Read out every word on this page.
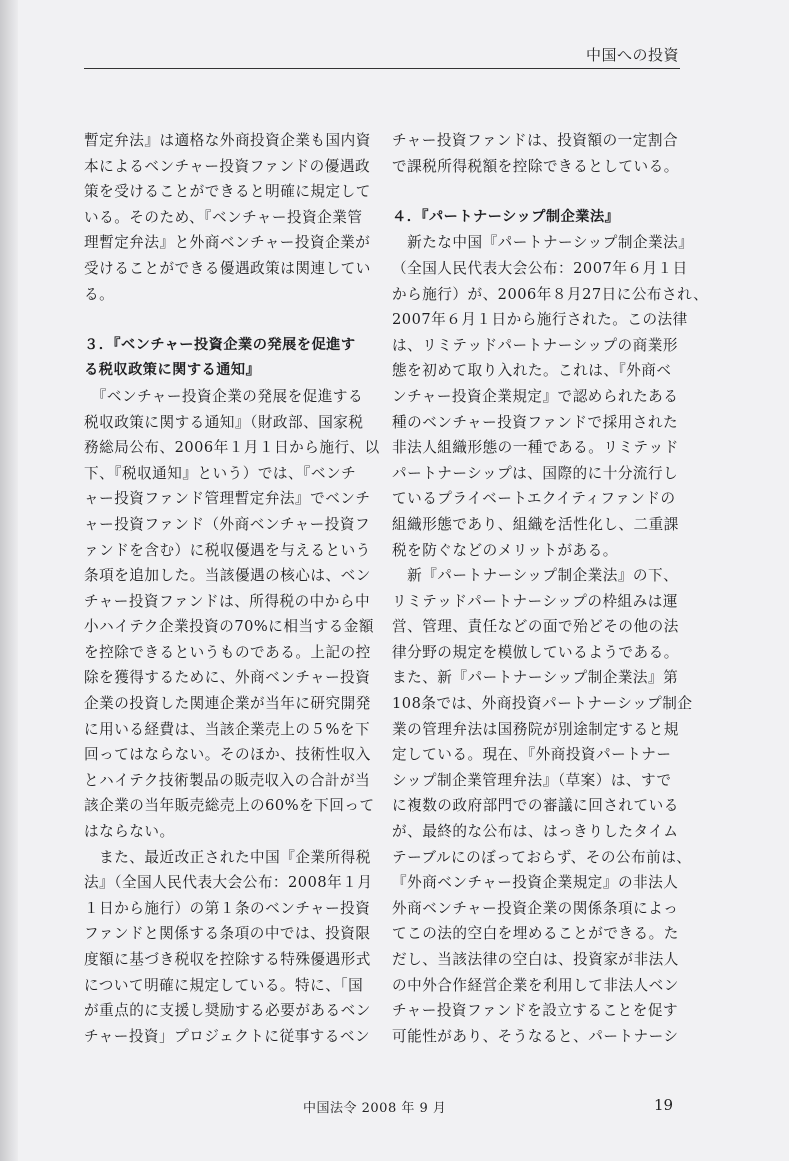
中国への投資
暫定弁法』は適格な外商投資企業も国内資
本によるベンチャー投資ファンドの優遇政
策を受けることができると明確に規定して
いる。そのため、『ベンチャー投資企業管
理暫定弁法』と外商ベンチャー投資企業が
受けることができる優遇政策は関連してい
る。
３．『ベンチャー投資企業の発展を促進す
る税収政策に関する通知』
　『ベンチャー投資企業の発展を促進する
税収政策に関する通知』（財政部、国家税
務総局公布、2006年１月１日から施行、以
下、『税収通知』という）では、『ベンチ
ャー投資ファンド管理暫定弁法』でベンチ
ャー投資ファンド（外商ベンチャー投資フ
ァンドを含む）に税収優遇を与えるという
条項を追加した。当該優遇の核心は、ベン
チャー投資ファンドは、所得税の中から中
小ハイテク企業投資の70%に相当する金額
を控除できるというものである。上記の控
除を獲得するために、外商ベンチャー投資
企業の投資した関連企業が当年に研究開発
に用いる経費は、当該企業売上の５%を下
回ってはならない。そのほか、技術性収入
とハイテク技術製品の販売収入の合計が当
該企業の当年販売総売上の60%を下回って
はならない。
　また、最近改正された中国『企業所得税
法』（全国人民代表大会公布：2008年１月
１日から施行）の第１条のベンチャー投資
ファンドと関係する条項の中では、投資限
度額に基づき税収を控除する特殊優遇形式
について明確に規定している。特に、「国
が重点的に支援し奨励する必要があるベン
チャー投資」プロジェクトに従事するベン
チャー投資ファンドは、投資額の一定割合
で課税所得税額を控除できるとしている。
４．『パートナーシップ制企業法』
　新たな中国『パートナーシップ制企業法』
（全国人民代表大会公布：2007年６月１日
から施行）が、2006年８月27日に公布され、
2007年６月１日から施行された。この法律
は、リミテッドパートナーシップの商業形
態を初めて取り入れた。これは、『外商ベ
ンチャー投資企業規定』で認められたある
種のベンチャー投資ファンドで採用された
非法人組織形態の一種である。リミテッド
パートナーシップは、国際的に十分流行し
ているプライベートエクイティファンドの
組織形態であり、組織を活性化し、二重課
税を防ぐなどのメリットがある。
　新『パートナーシップ制企業法』の下、
リミテッドパートナーシップの枠組みは運
営、管理、責任などの面で殆どその他の法
律分野の規定を模倣しているようである。
また、新『パートナーシップ制企業法』第
108条では、外商投資パートナーシップ制企
業の管理弁法は国務院が別途制定すると規
定している。現在、『外商投資パートナー
シップ制企業管理弁法』（草案）は、すで
に複数の政府部門での審議に回されている
が、最終的な公布は、はっきりしたタイム
テーブルにのぼっておらず、その公布前は、
『外商ベンチャー投資企業規定』の非法人
外商ベンチャー投資企業の関係条項によっ
てこの法的空白を埋めることができる。た
だし、当該法律の空白は、投資家が非法人
の中外合作経営企業を利用して非法人ベン
チャー投資ファンドを設立することを促す
可能性があり、そうなると、パートナーシ
中国法令 2008 年 9 月	19
